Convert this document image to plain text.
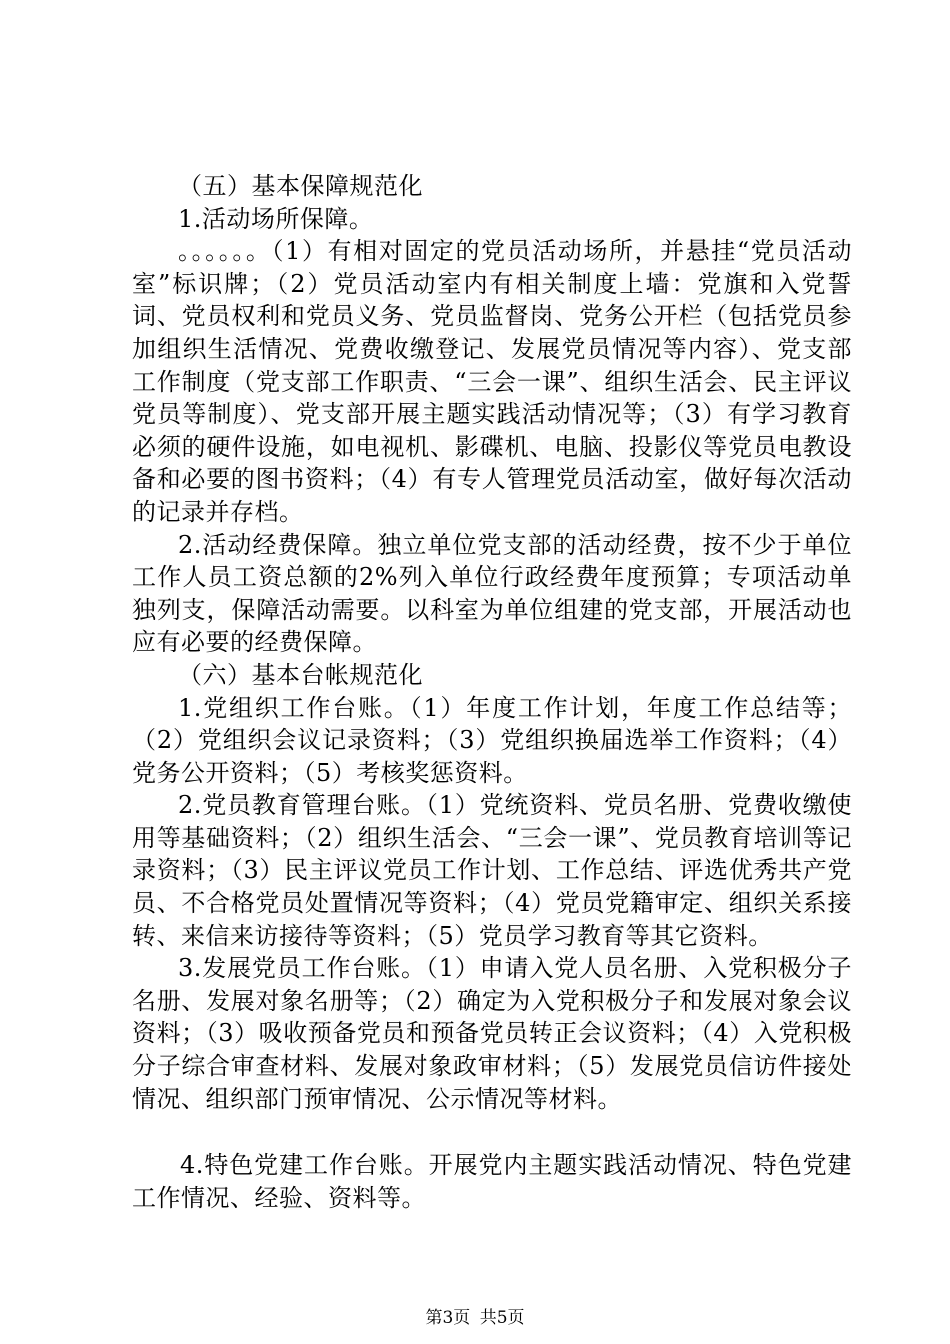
（五）基本保障规范化

1.活动场所保障。

。。。。。。（1）有相对固定的党员活动场所，并悬挂“党员活动室”标识牌；（2）党员活动室内有相关制度上墙：党旗和入党誓词、党员权利和党员义务、党员监督岗、党务公开栏（包括党员参加组织生活情况、党费收缴登记、发展党员情况等内容）、党支部工作制度（党支部工作职责、“三会一课”、组织生活会、民主评议党员等制度）、党支部开展主题实践活动情况等；（3）有学习教育必须的硬件设施，如电视机、影碟机、电脑、投影仪等党员电教设备和必要的图书资料；（4）有专人管理党员活动室，做好每次活动的记录并存档。

2.活动经费保障。独立单位党支部的活动经费，按不少于单位工作人员工资总额的2%列入单位行政经费年度预算；专项活动单独列支，保障活动需要。以科室为单位组建的党支部，开展活动也应有必要的经费保障。

（六）基本台帐规范化

1.党组织工作台账。（1）年度工作计划，年度工作总结等；（2）党组织会议记录资料；（3）党组织换届选举工作资料；（4）党务公开资料；（5）考核奖惩资料。

2.党员教育管理台账。（1）党统资料、党员名册、党费收缴使用等基础资料；（2）组织生活会、“三会一课”、党员教育培训等记录资料；（3）民主评议党员工作计划、工作总结、评选优秀共产党员、不合格党员处置情况等资料；（4）党员党籍审定、组织关系接转、来信来访接待等资料；（5）党员学习教育等其它资料。

3.发展党员工作台账。（1）申请入党人员名册、入党积极分子名册、发展对象名册等；（2）确定为入党积极分子和发展对象会议资料；（3）吸收预备党员和预备党员转正会议资料；（4）入党积极分子综合审查材料、发展对象政审材料；（5）发展党员信访件接处情况、组织部门预审情况、公示情况等材料。

4.特色党建工作台账。开展党内主题实践活动情况、特色党建工作情况、经验、资料等。

第3页 共5页
